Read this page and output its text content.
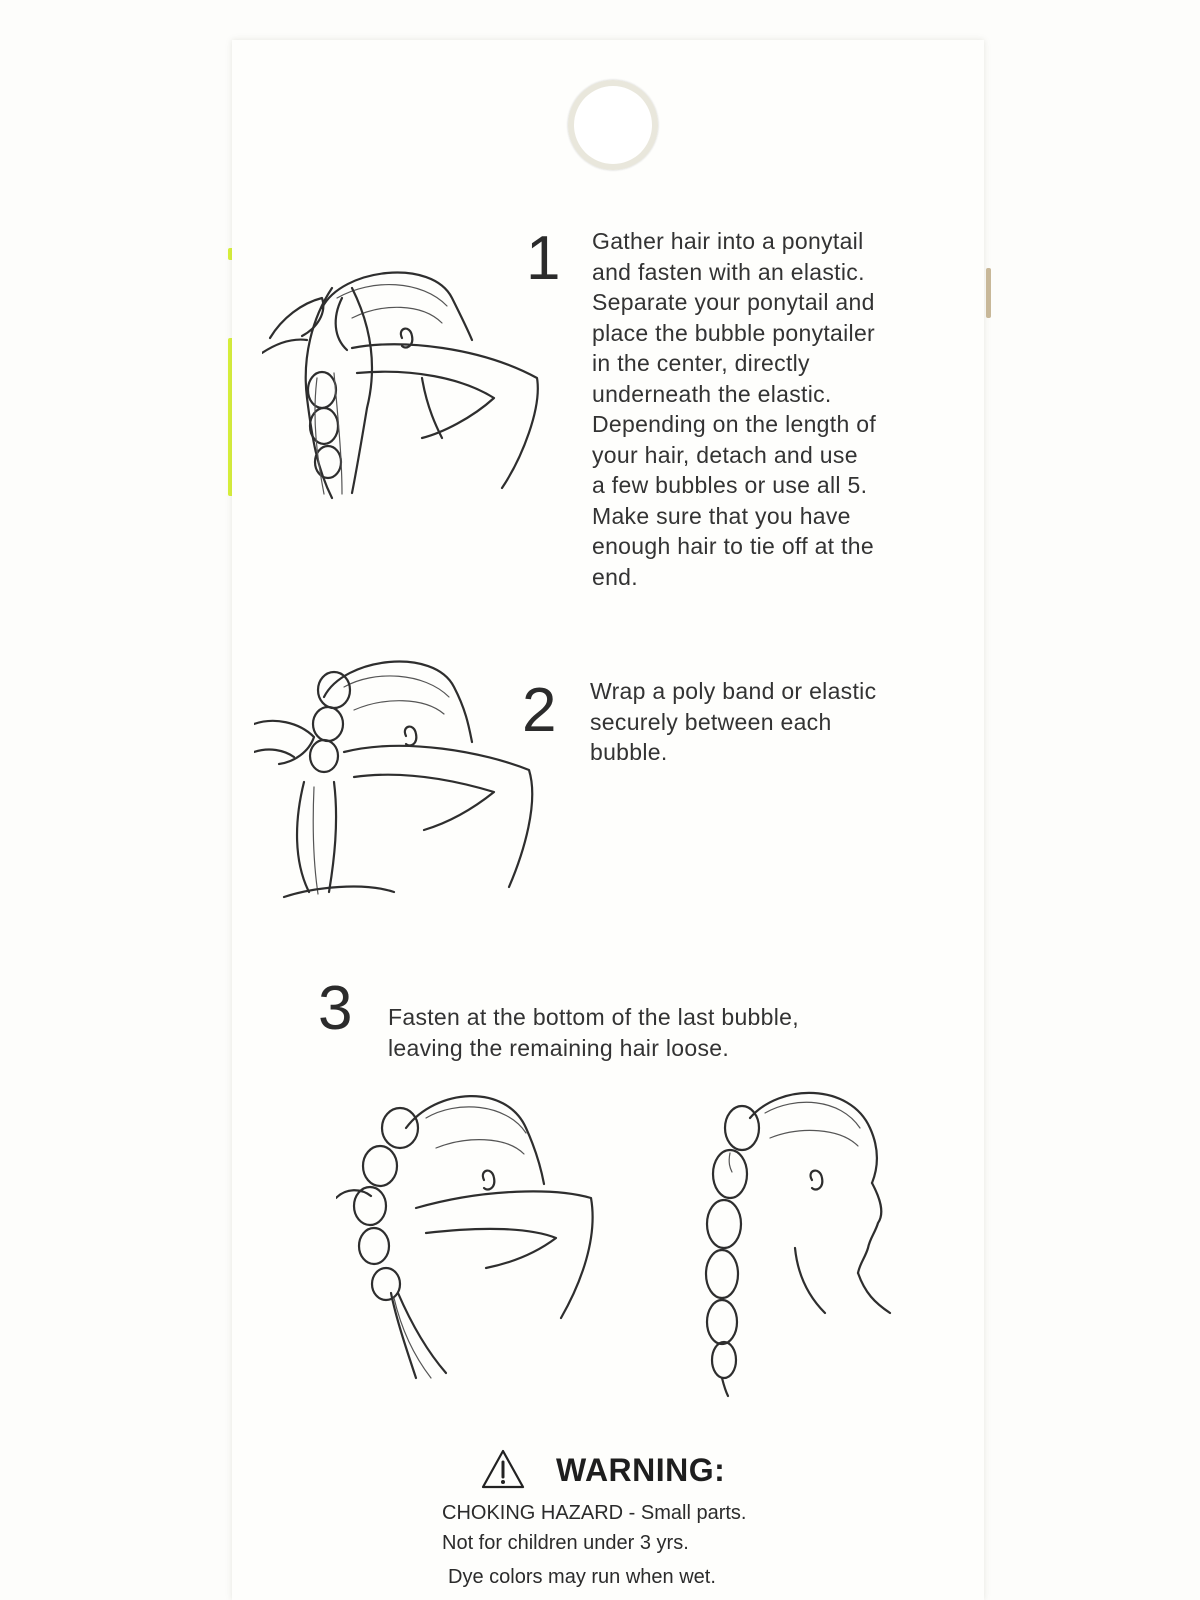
1 Gather hair into a ponytail
and fasten with an elastic.
Separate your ponytail and
place the bubble ponytailer
in the center, directly
underneath the elastic.
Depending on the length of
your hair, detach and use
a few bubbles or use all 5.
Make sure that you have
enough hair to tie off at the
end.
2 Wrap a poly band or elastic
securely between each
bubble.
3 Fasten at the bottom of the last bubble,
leaving the remaining hair loose.
WARNING:
CHOKING HAZARD - Small parts.
Not for children under 3 yrs.
Dye colors may run when wet.
